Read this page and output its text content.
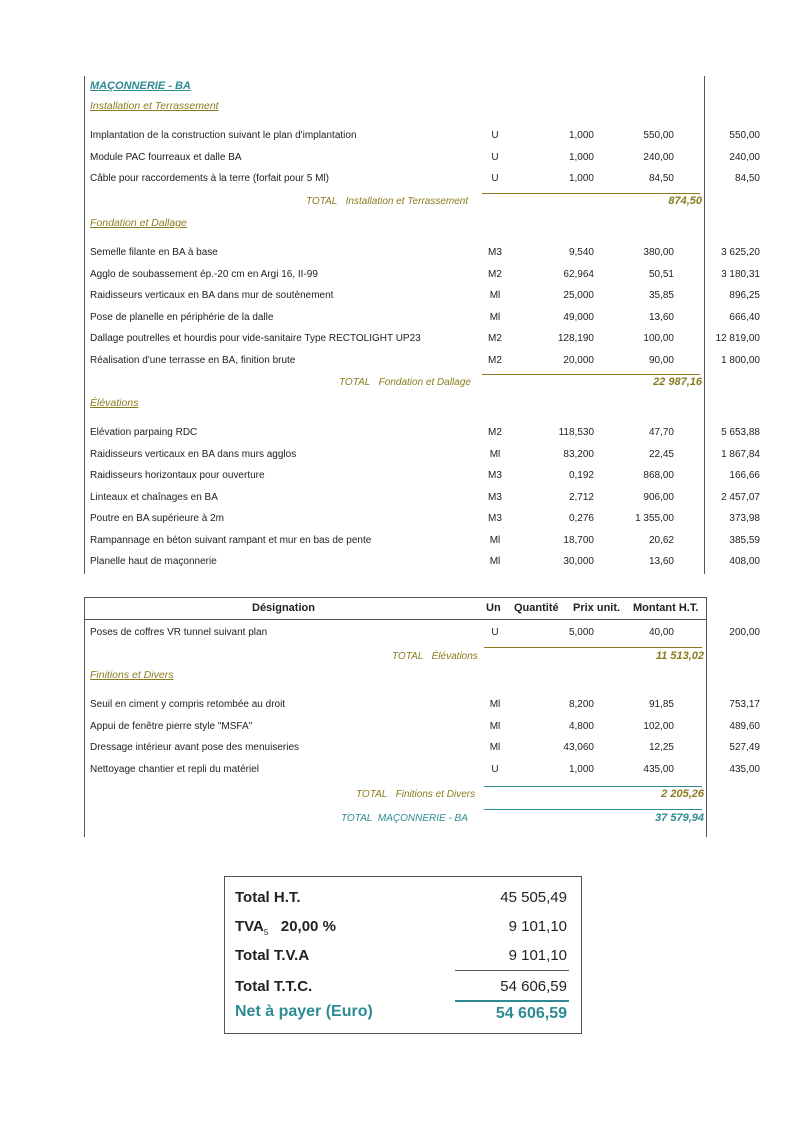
MAÇONNERIE - BA
Installation et Terrassement
Implantation de la construction suivant le plan d'implantation	U	1,000	550,00	550,00
Module PAC fourreaux et dalle BA	U	1,000	240,00	240,00
Câble pour raccordements à la terre (forfait pour 5 Ml)	U	1,000	84,50	84,50
TOTAL Installation et Terrassement	874,50
Fondation et Dallage
Semelle filante en BA à base	M3	9,540	380,00	3 625,20
Agglo de soubassement ép.-20 cm en Argi 16, II-99	M2	62,964	50,51	3 180,31
Raidisseurs verticaux en BA dans mur de soutènement	Ml	25,000	35,85	896,25
Pose de planelle en périphérie de la dalle	Ml	49,000	13,60	666,40
Dallage poutrelles et hourdis pour vide-sanitaire Type RECTOLIGHT UP23	M2	128,190	100,00	12 819,00
Réalisation d'une terrasse en BA, finition brute	M2	20,000	90,00	1 800,00
TOTAL Fondation et Dallage	22 987,16
Élévations
Elévation parpaing RDC	M2	118,530	47,70	5 653,88
Raidisseurs verticaux en BA dans murs agglos	Ml	83,200	22,45	1 867,84
Raidisseurs horizontaux pour ouverture	M3	0,192	868,00	166,66
Linteaux et chaînages en BA	M3	2,712	906,00	2 457,07
Poutre en BA supérieure à 2m	M3	0,276	1 355,00	373,98
Rampannage en béton suivant rampant et mur en bas de pente	Ml	18,700	20,62	385,59
Planelle haut de maçonnerie	Ml	30,000	13,60	408,00
Désignation	Un Quantité Prix unit. Montant H.T.
Poses de coffres VR tunnel suivant plan	U	5,000	40,00	200,00
TOTAL Élévations	11 513,02
Finitions et Divers
Seuil en ciment y compris retombée au droit	Ml	8,200	91,85	753,17
Appui de fenêtre pierre style "MSFA"	Ml	4,800	102,00	489,60
Dressage intérieur avant pose des menuiseries	Ml	43,060	12,25	527,49
Nettoyage chantier et repli du matériel	U	1,000	435,00	435,00
TOTAL Finitions et Divers	2 205,26
TOTAL MAÇONNERIE - BA	37 579,94
Total H.T.	45 505,49
$TVA_5$ 20,00 %	9 101,10
Total T.V.A	9 101,10
Total T.T.C.	54 606,59
Net à payer (Euro)	54 606,59
